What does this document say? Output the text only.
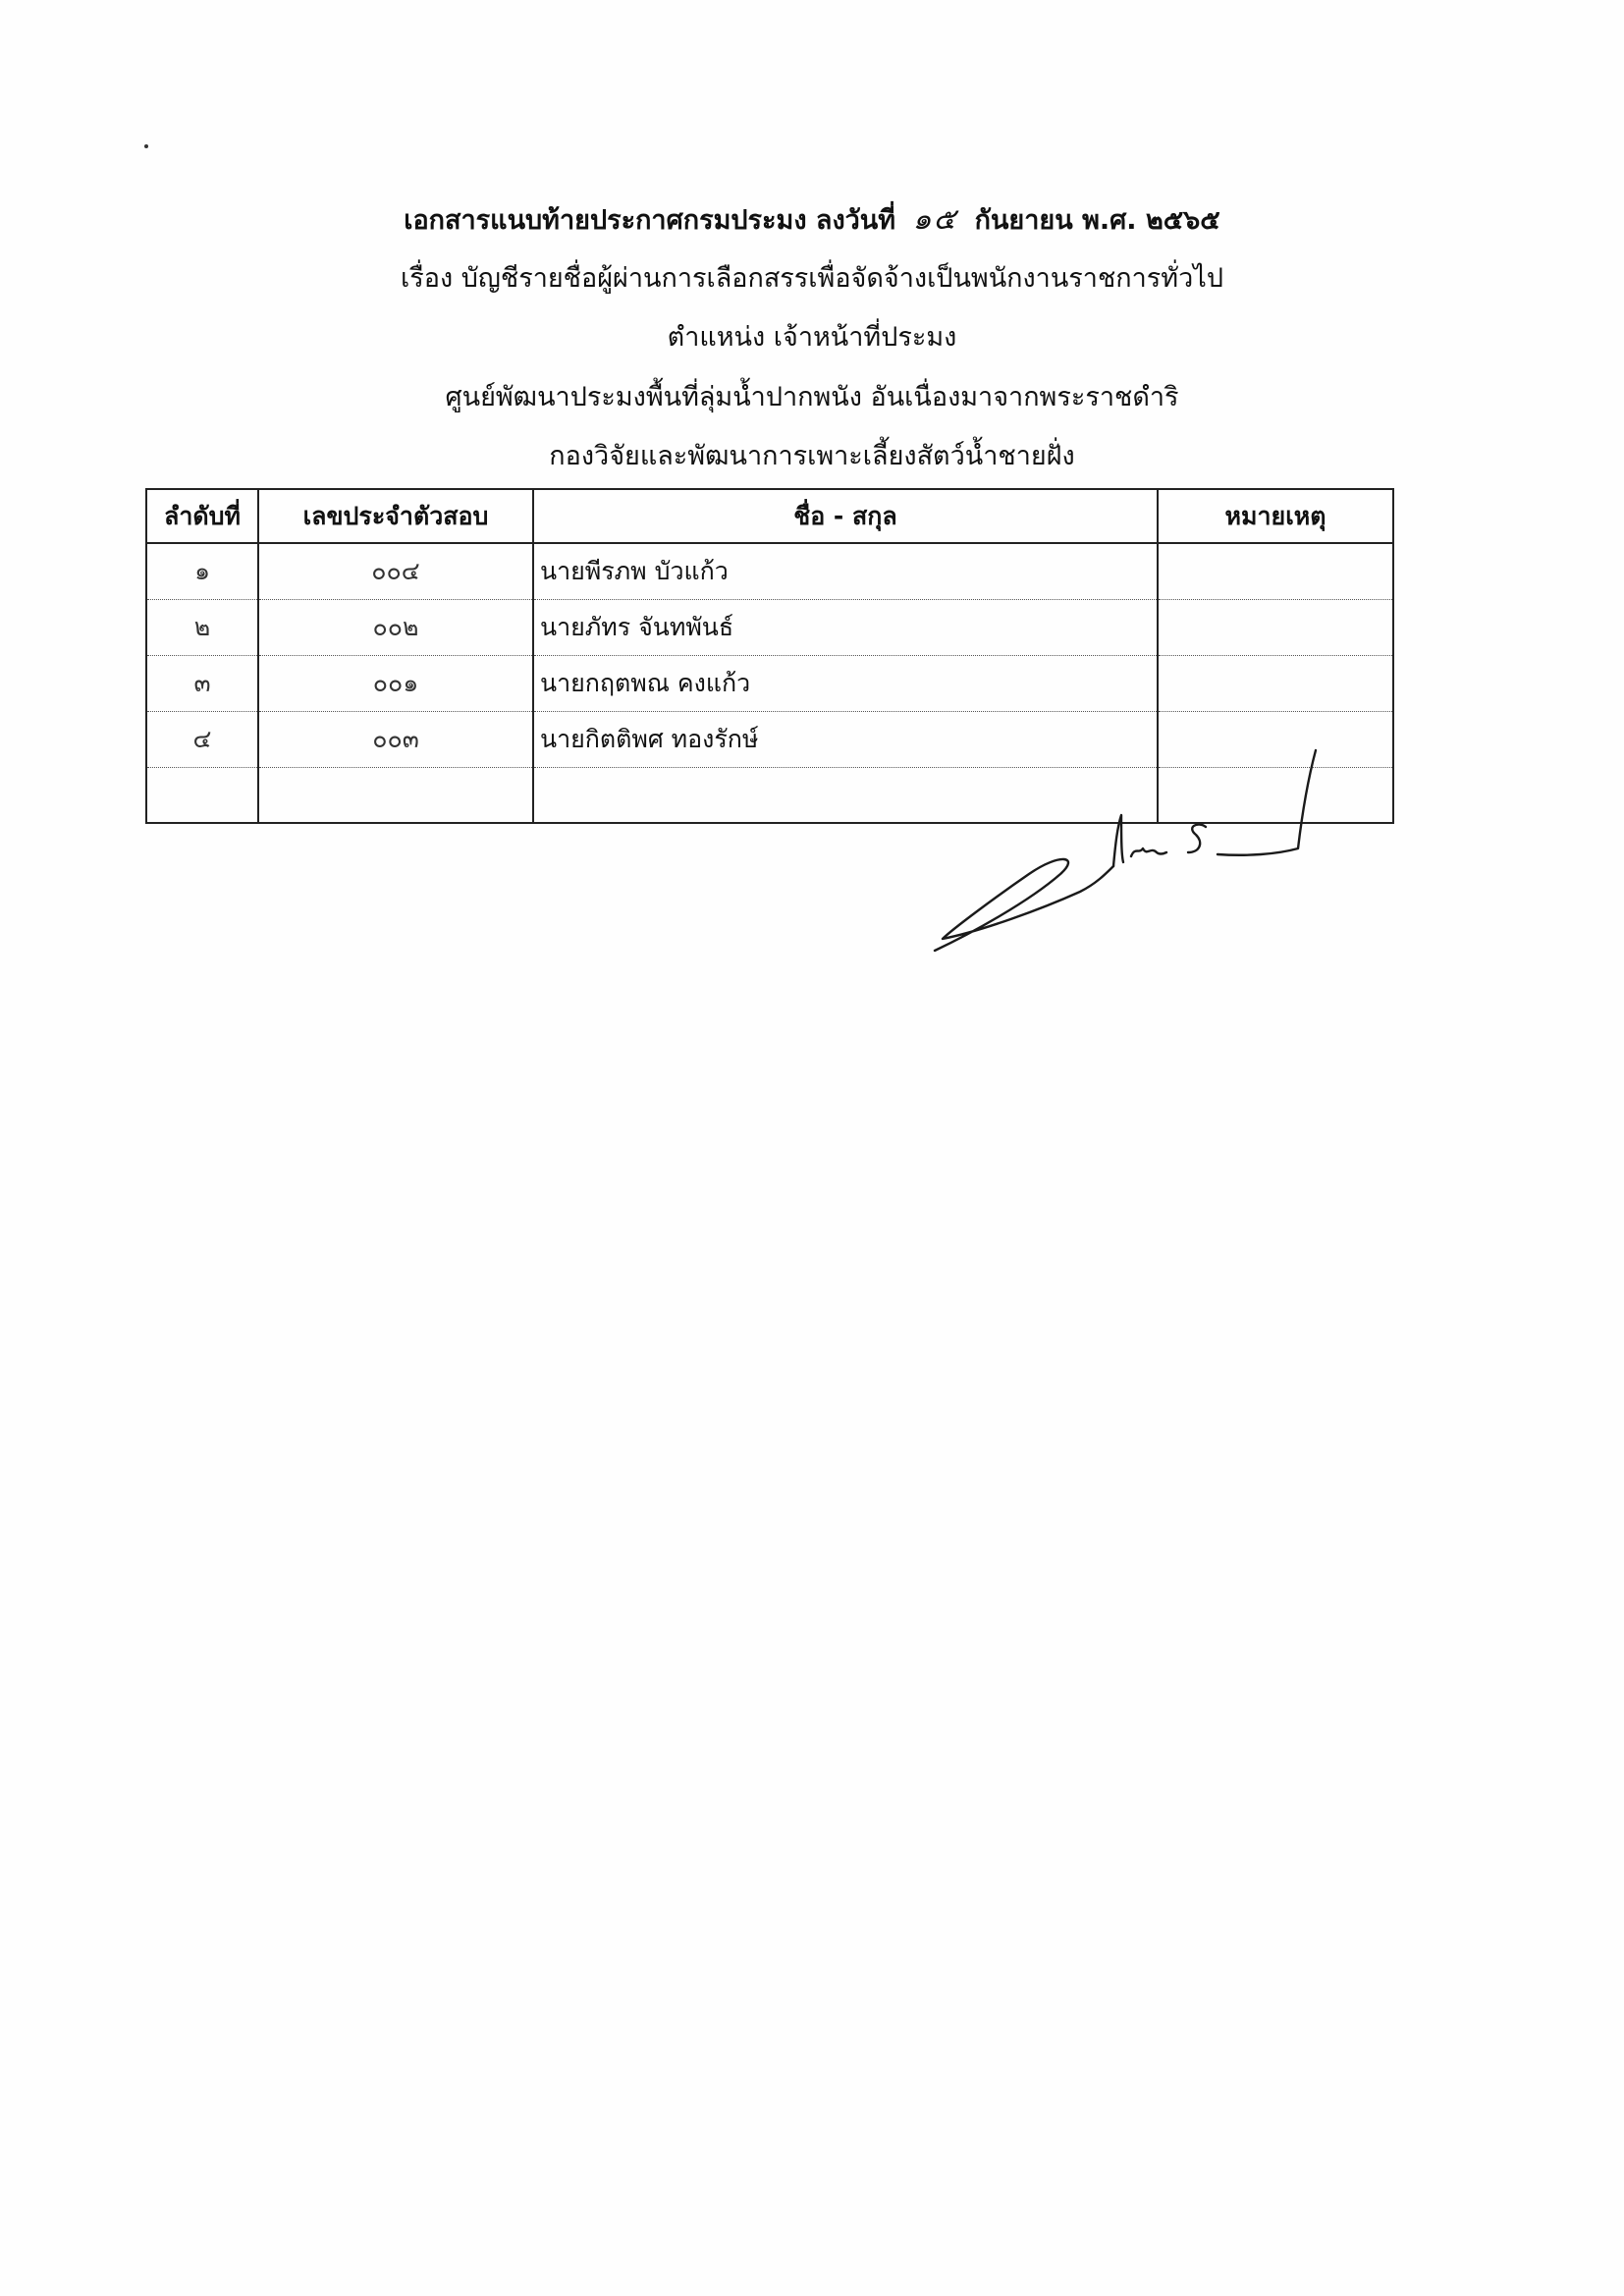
เอกสารแนบท้ายประกาศกรมประมง ลงวันที่ ๑๕ กันยายน พ.ศ. ๒๕๖๕
เรื่อง บัญชีรายชื่อผู้ผ่านการเลือกสรรเพื่อจัดจ้างเป็นพนักงานราชการทั่วไป
ตำแหน่ง เจ้าหน้าที่ประมง
ศูนย์พัฒนาประมงพื้นที่ลุ่มน้ำปากพนัง อันเนื่องมาจากพระราชดำริ
กองวิจัยและพัฒนาการเพาะเลี้ยงสัตว์น้ำชายฝั่ง
ลำดับที่	เลขประจำตัวสอบ	ชื่อ - สกุล	หมายเหตุ
๑	๐๐๔	นายพีรภพ บัวแก้ว	
๒	๐๐๒	นายภัทร จันทพันธ์	
๓	๐๐๑	นายกฤตพณ คงแก้ว	
๔	๐๐๓	นายกิตติพศ ทองรักษ์	
